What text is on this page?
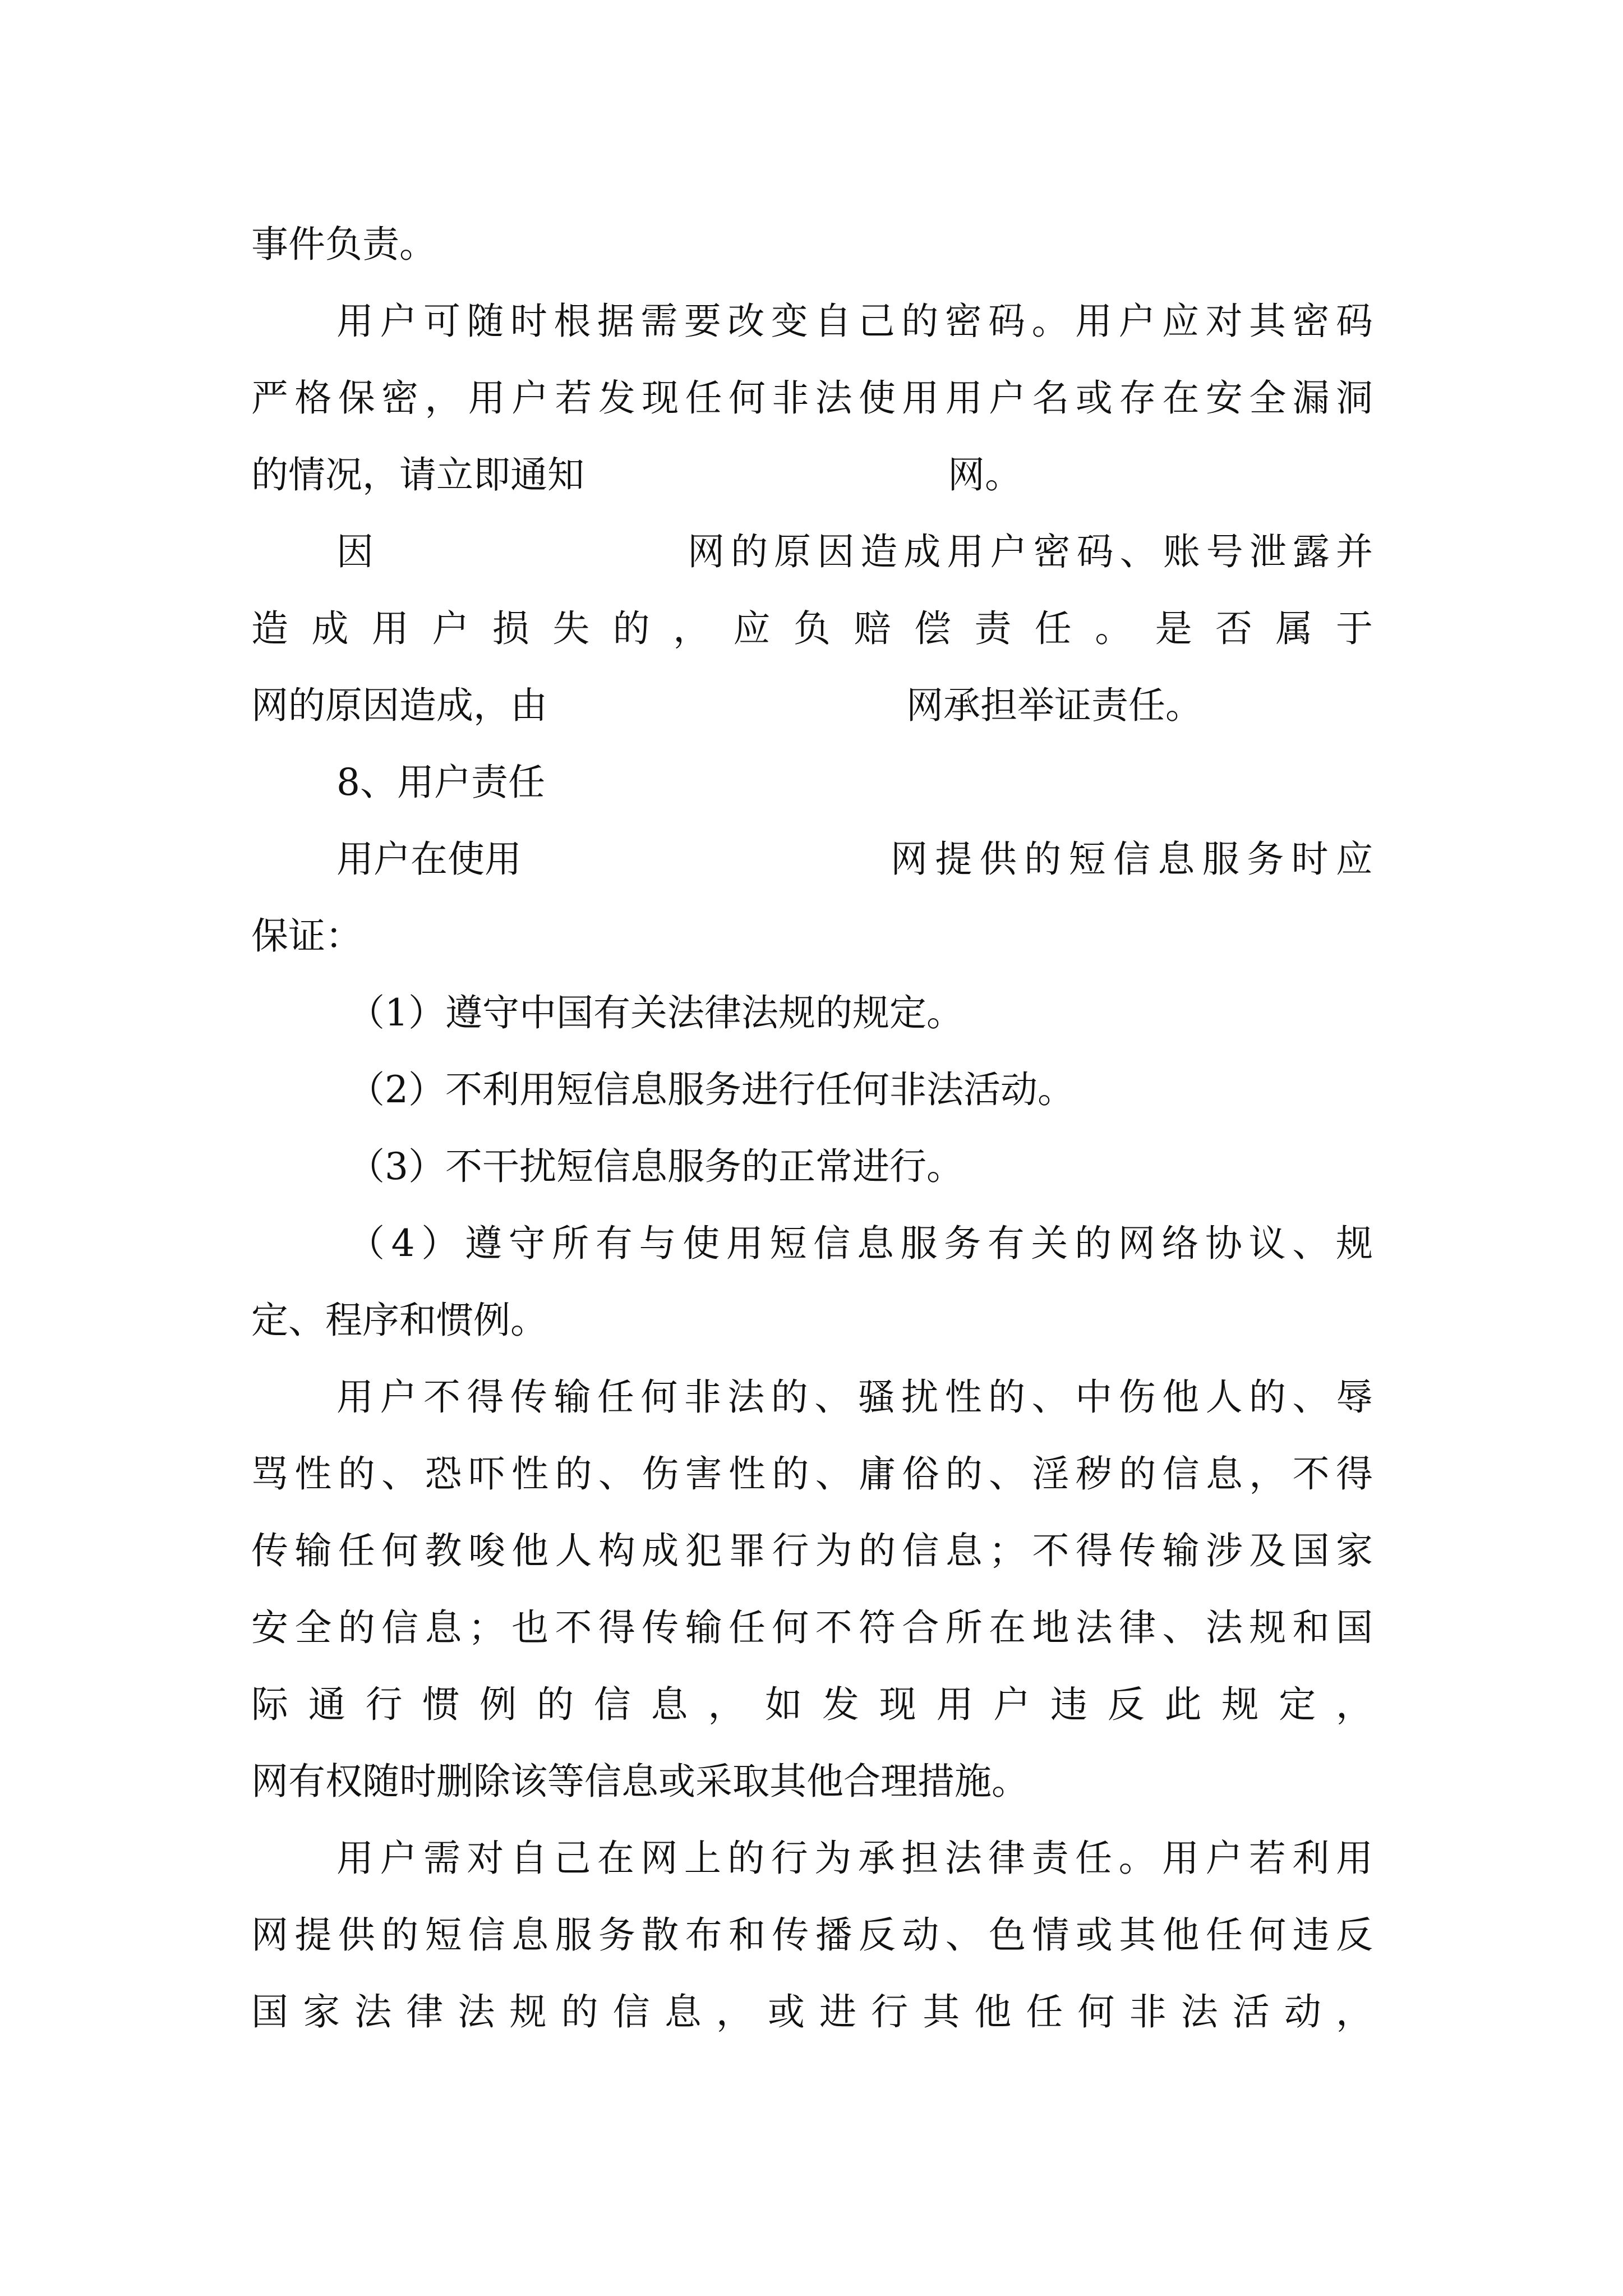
事件负责。
用户可随时根据需要改变自己的密码。用户应对其密码
严格保密，用户若发现任何非法使用用户名或存在安全漏洞
的情况，请立即通知	网。
因	网的原因造成用户密码、账号泄露并
造成用户损失的，应负赔偿责任。是否属于
网的原因造成，由	网承担举证责任。
8、用户责任
用户在使用	网提供的短信息服务时应
保证：
（1）遵守中国有关法律法规的规定。
（2）不利用短信息服务进行任何非法活动。
（3）不干扰短信息服务的正常进行。
（4）遵守所有与使用短信息服务有关的网络协议、规
定、程序和惯例。
用户不得传输任何非法的、骚扰性的、中伤他人的、辱
骂性的、恐吓性的、伤害性的、庸俗的、淫秽的信息，不得
传输任何教唆他人构成犯罪行为的信息；不得传输涉及国家
安全的信息；也不得传输任何不符合所在地法律、法规和国
际通行惯例的信息，如发现用户违反此规定，
网有权随时删除该等信息或采取其他合理措施。
用户需对自己在网上的行为承担法律责任。用户若利用
网提供的短信息服务散布和传播反动、色情或其他任何违反
国家法律法规的信息，或进行其他任何非法活动，
